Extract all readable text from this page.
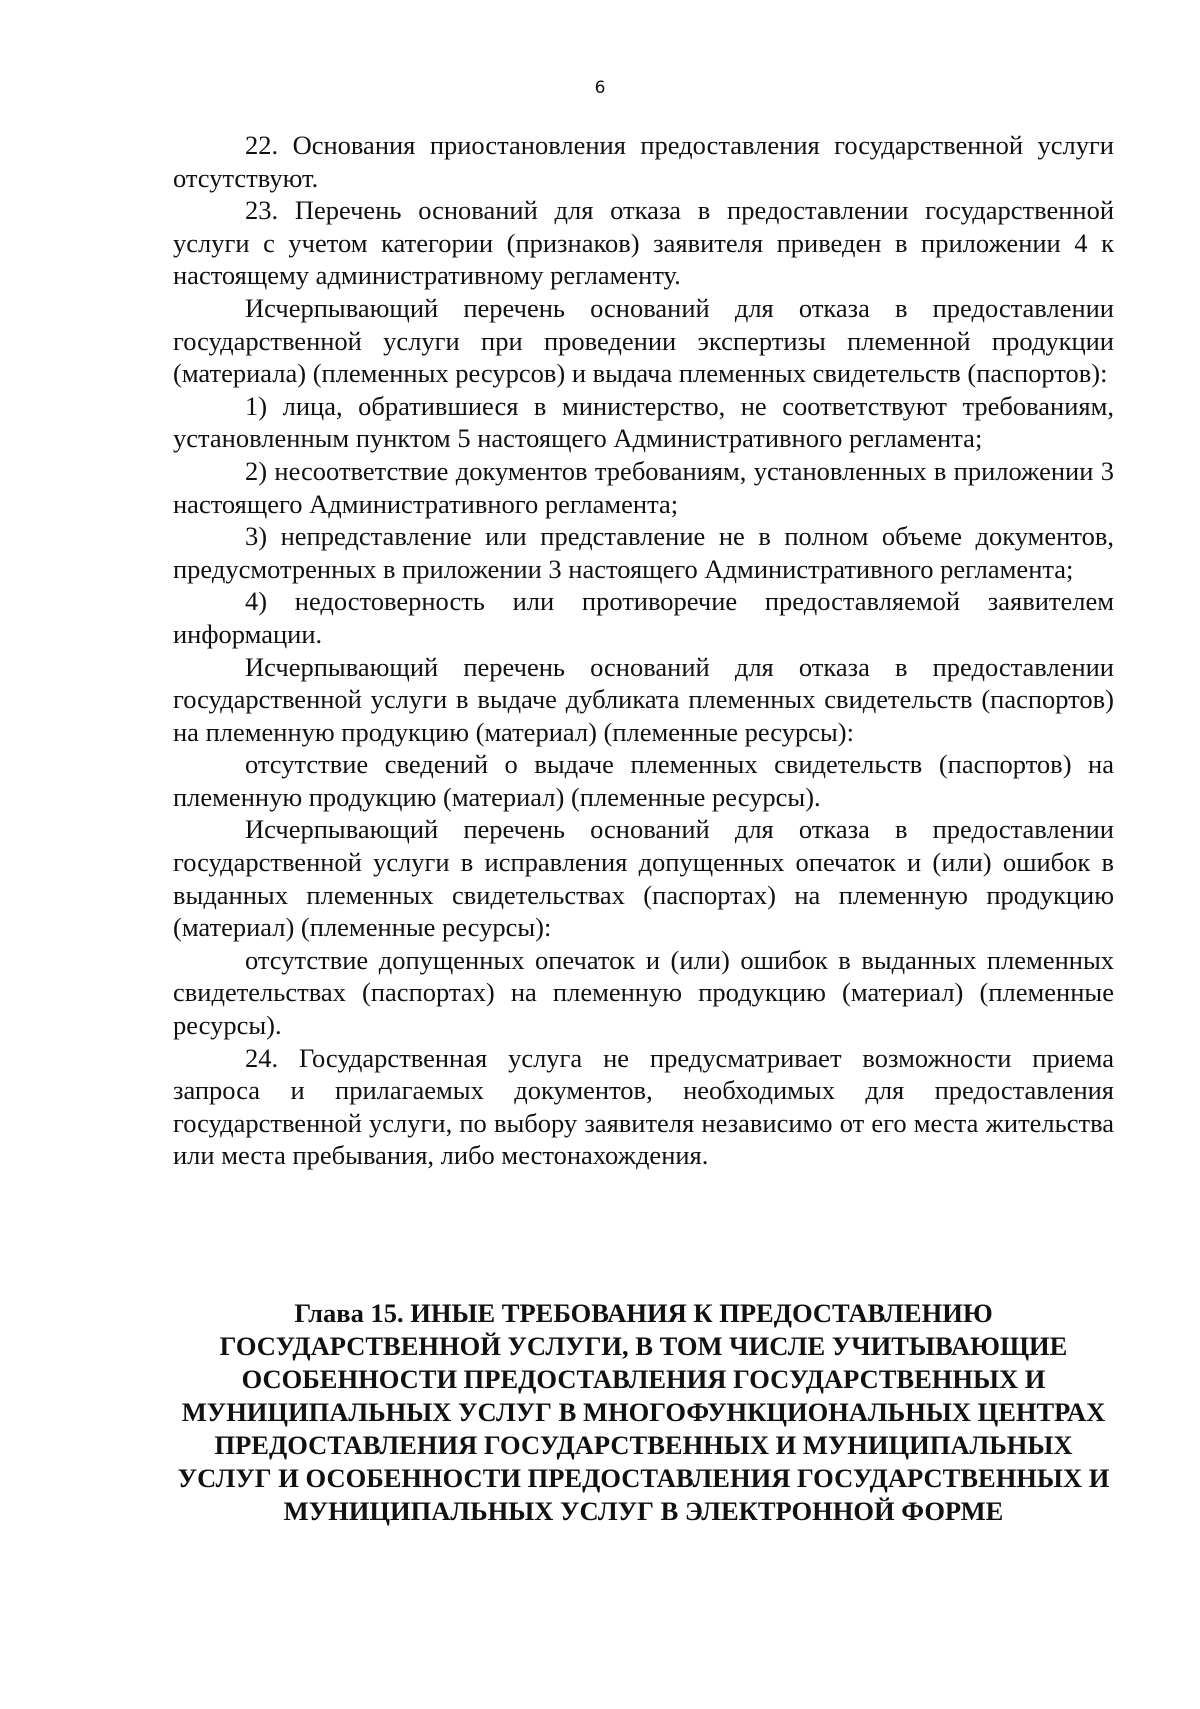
6

22. Основания приостановления предоставления государственной услуги отсутствуют.

23. Перечень оснований для отказа в предоставлении государственной услуги с учетом категории (признаков) заявителя приведен в приложении 4 к настоящему административному регламенту.

Исчерпывающий перечень оснований для отказа в предоставлении государственной услуги при проведении экспертизы племенной продукции (материала) (племенных ресурсов) и выдача племенных свидетельств (паспортов):

1) лица, обратившиеся в министерство, не соответствуют требованиям, установленным пунктом 5 настоящего Административного регламента;

2) несоответствие документов требованиям, установленных в приложении 3 настоящего Административного регламента;

3) непредставление или представление не в полном объеме документов, предусмотренных в приложении 3 настоящего Административного регламента;

4) недостоверность или противоречие предоставляемой заявителем информации.

Исчерпывающий перечень оснований для отказа в предоставлении государственной услуги в выдаче дубликата племенных свидетельств (паспортов) на племенную продукцию (материал) (племенные ресурсы):

отсутствие сведений о выдаче племенных свидетельств (паспортов) на племенную продукцию (материал) (племенные ресурсы).

Исчерпывающий перечень оснований для отказа в предоставлении государственной услуги в исправления допущенных опечаток и (или) ошибок в выданных племенных свидетельствах (паспортах) на племенную продукцию (материал) (племенные ресурсы):

отсутствие допущенных опечаток и (или) ошибок в выданных племенных свидетельствах (паспортах) на племенную продукцию (материал) (племенные ресурсы).

24. Государственная услуга не предусматривает возможности приема запроса и прилагаемых документов, необходимых для предоставления государственной услуги, по выбору заявителя независимо от его места жительства или места пребывания, либо местонахождения.

Глава 15. ИНЫЕ ТРЕБОВАНИЯ К ПРЕДОСТАВЛЕНИЮ ГОСУДАРСТВЕННОЙ УСЛУГИ, В ТОМ ЧИСЛЕ УЧИТЫВАЮЩИЕ ОСОБЕННОСТИ ПРЕДОСТАВЛЕНИЯ ГОСУДАРСТВЕННЫХ И МУНИЦИПАЛЬНЫХ УСЛУГ В МНОГОФУНКЦИОНАЛЬНЫХ ЦЕНТРАХ ПРЕДОСТАВЛЕНИЯ ГОСУДАРСТВЕННЫХ И МУНИЦИПАЛЬНЫХ УСЛУГ И ОСОБЕННОСТИ ПРЕДОСТАВЛЕНИЯ ГОСУДАРСТВЕННЫХ И МУНИЦИПАЛЬНЫХ УСЛУГ В ЭЛЕКТРОННОЙ ФОРМЕ
